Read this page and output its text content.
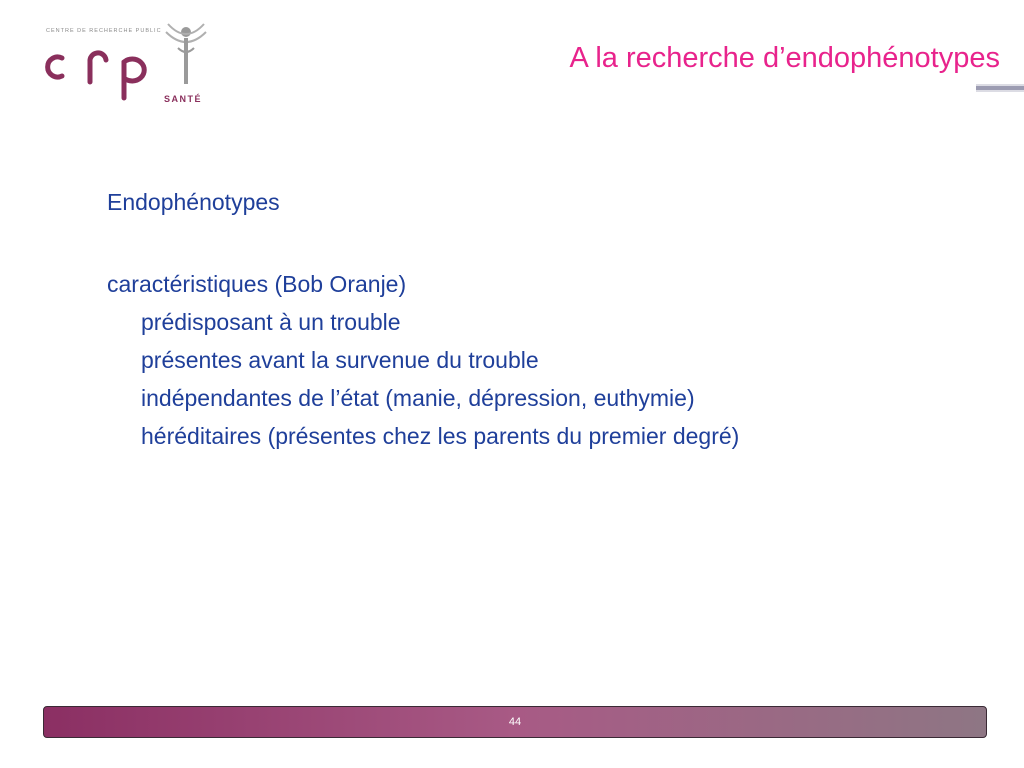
CENTRE DE RECHERCHE PUBLIC
SANTÉ
A la recherche d’endophénotypes
Endophénotypes
caractéristiques (Bob Oranje)
prédisposant à un trouble
présentes avant la survenue du trouble
indépendantes de l’état (manie, dépression, euthymie)
héréditaires (présentes chez les parents du premier degré)
44
